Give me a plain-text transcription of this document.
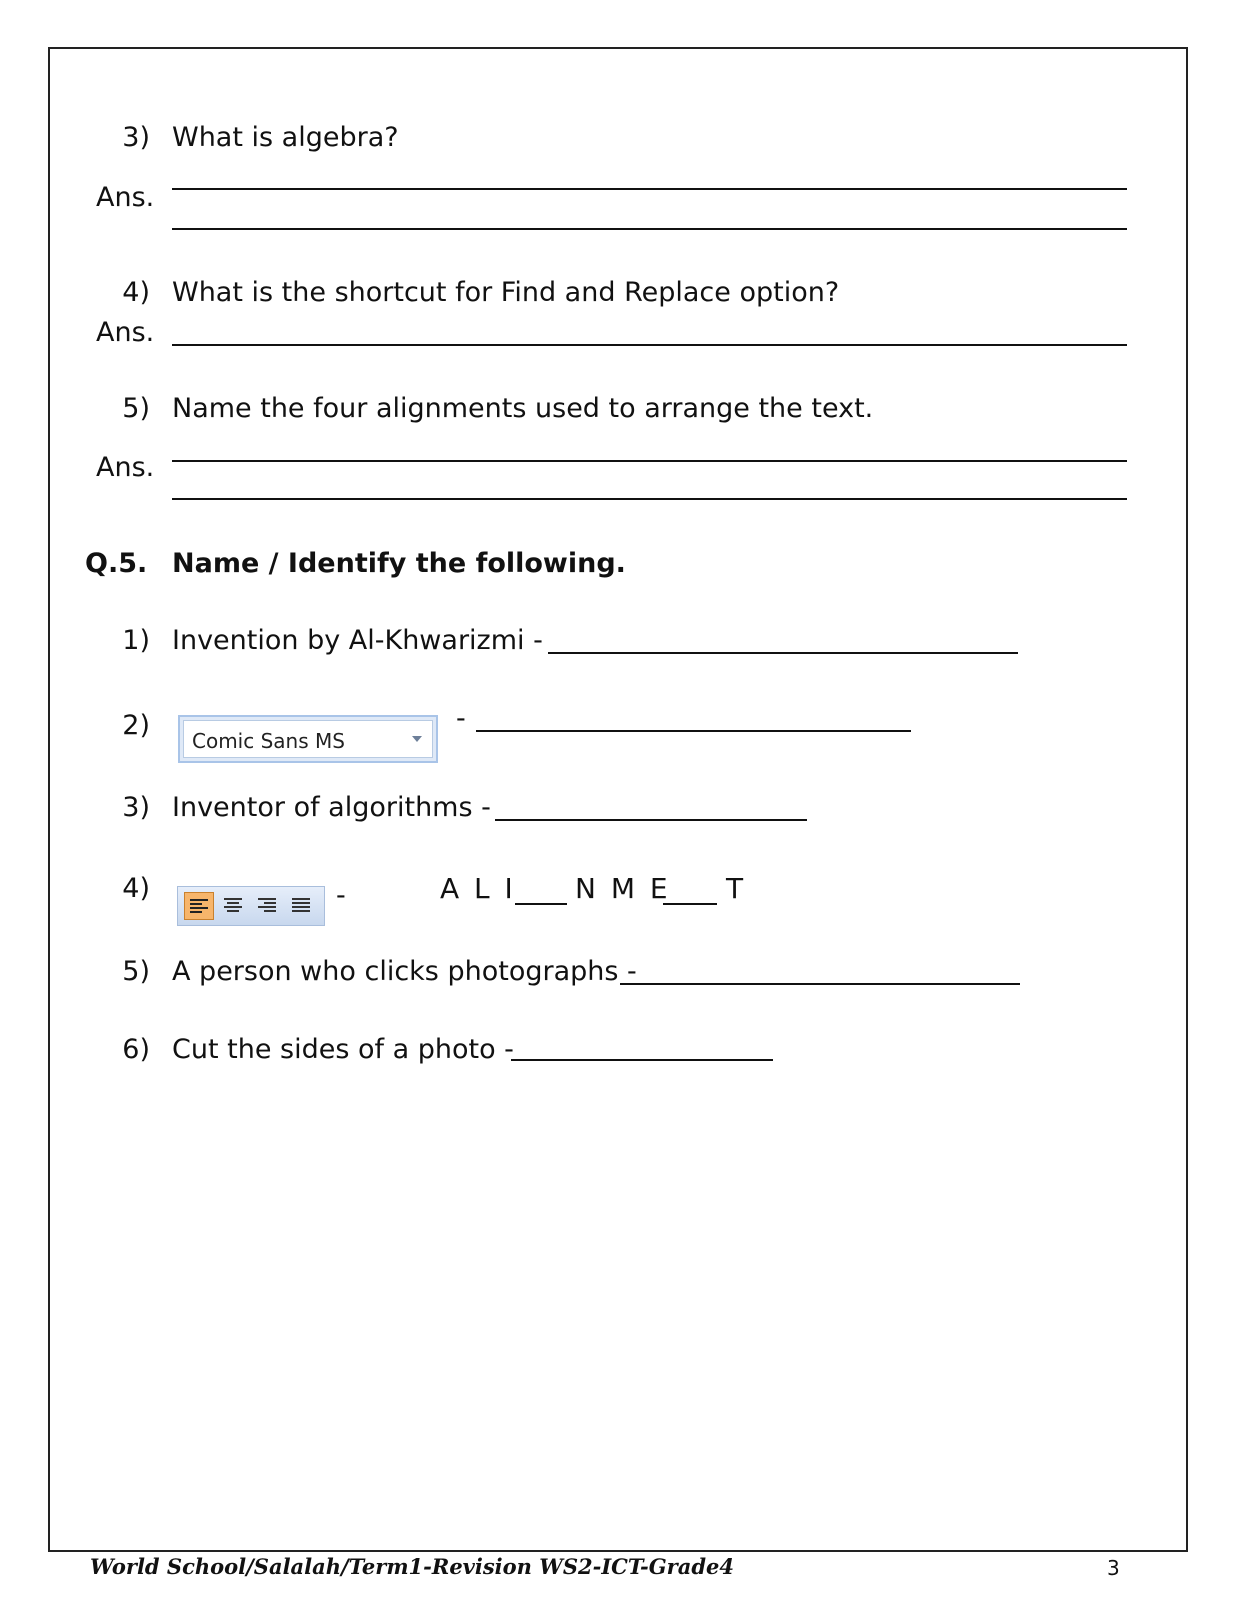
3) What is algebra?
Ans.
4) What is the shortcut for Find and Replace option?
Ans.
5) Name the four alignments used to arrange the text.
Ans.
Q.5. Name / Identify the following.
1) Invention by Al-Khwarizmi -
2) Comic Sans MS
-
3) Inventor of algorithms -
4)	-	A L I N M E T
5) A person who clicks photographs -
6) Cut the sides of a photo -
World School/Salalah/Term1-Revision WS2-ICT-Grade4	3
